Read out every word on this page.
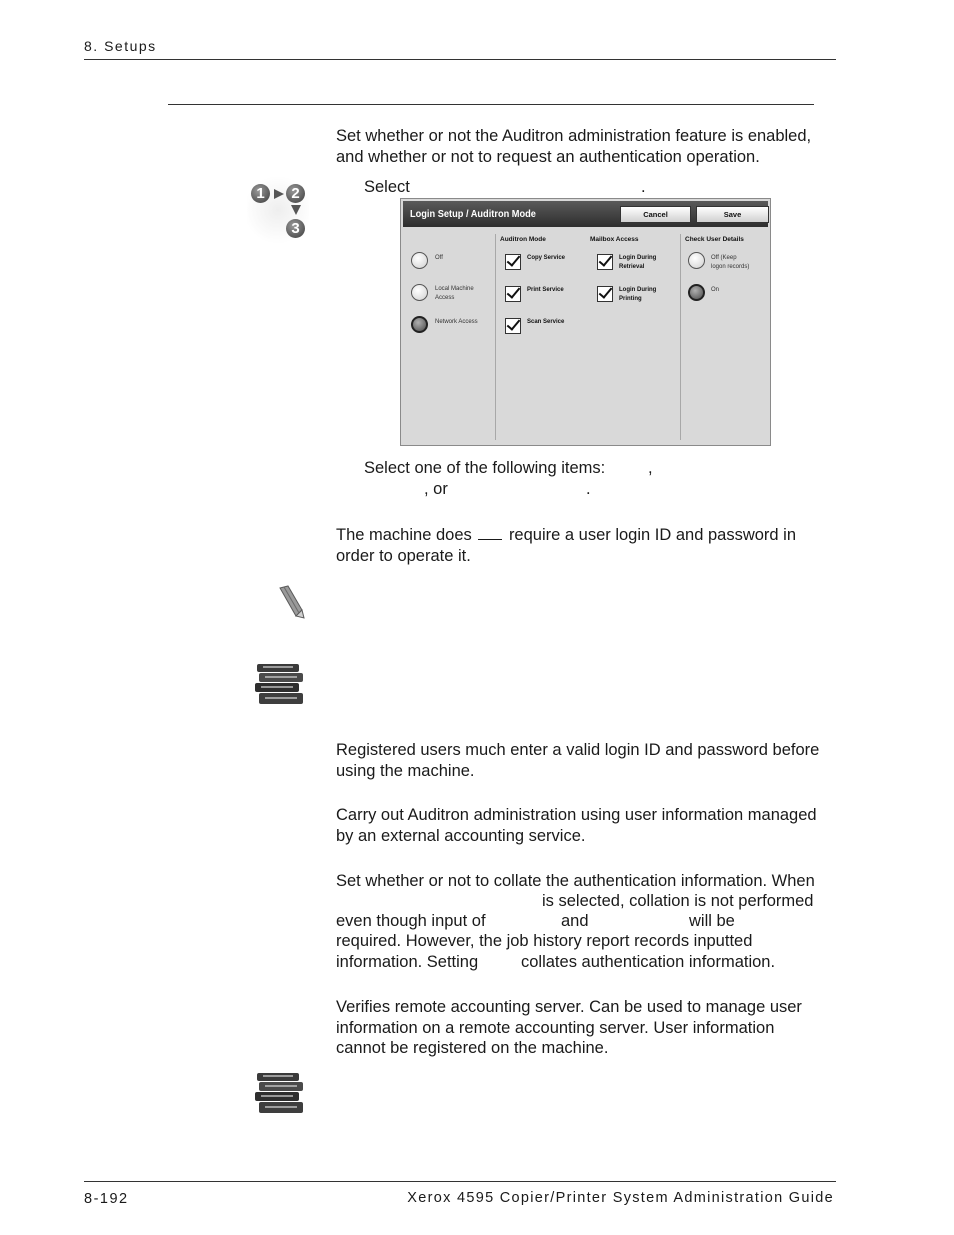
8. Setups
Set whether or not the Auditron administration feature is enabled,
and whether or not to request an authentication operation.
1	2
3
Select	.
Login Setup / Auditron Mode	Cancel	Save
Off
Local Machine
Access
Network Access
Auditron Mode
Copy Service
Print Service
Scan Service
Mailbox Access
Login During
Retrieval
Login During
Printing
Check User Details
Off (Keep
logon records)
On
Select one of the following items:	,
, or	.
The machine does require a user login ID and password in
order to operate it.
Registered users much enter a valid login ID and password before
using the machine.
Carry out Auditron administration using user information managed
by an external accounting service.
Set whether or not to collate the authentication information. When
is selected, collation is not performed
even though input of	and	will be
required. However, the job history report records inputted
information. Setting	collates authentication information.
Verifies remote accounting server. Can be used to manage user
information on a remote accounting server. User information
cannot be registered on the machine.
8-192	Xerox 4595 Copier/Printer System Administration Guide
